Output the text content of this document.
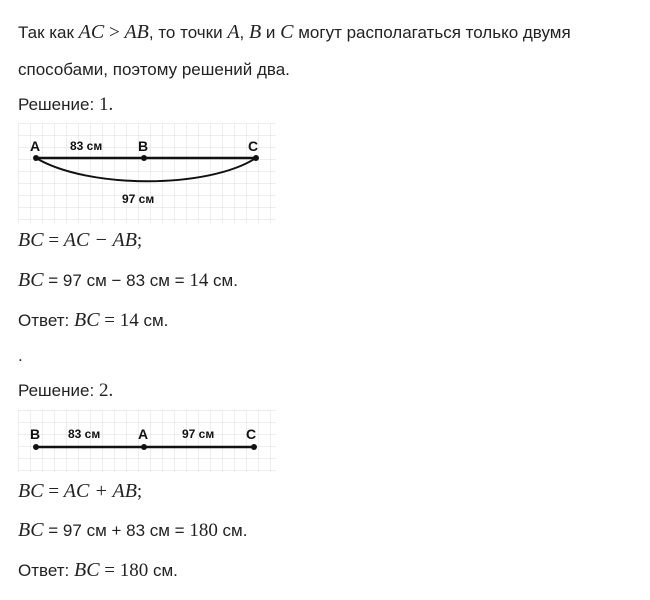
Так как AC > AB, то точки A, B и C могут располагаться только двумя
способами, поэтому решений два.
Решение: 1.
A	B	C
83 см
97 см
BC = AC − AB;
BC = 97 см − 83 см = 14 см.
Ответ: BC = 14 см.
.
Решение: 2.
B	A	C
83 см	97 см
BC = AC + AB;
BC = 97 см + 83 см = 180 см.
Ответ: BC = 180 см.
